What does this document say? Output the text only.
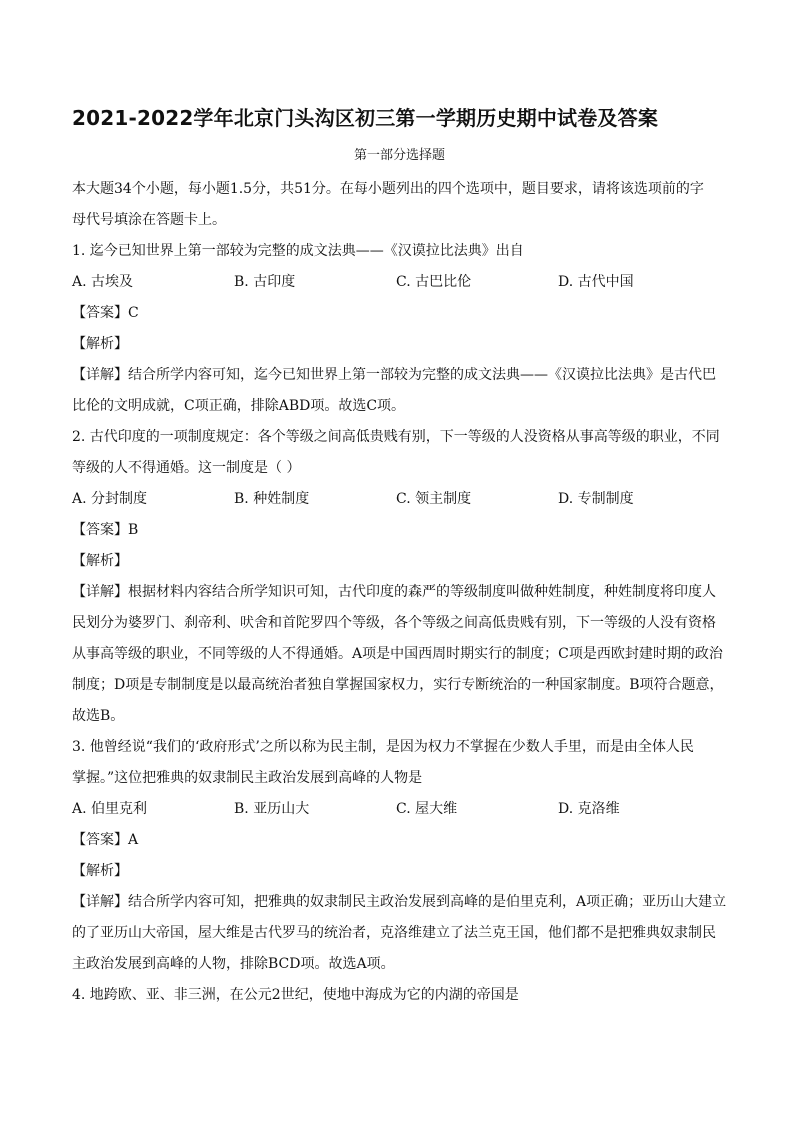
2021-2022学年北京门头沟区初三第一学期历史期中试卷及答案
第一部分选择题

本大题34个小题，每小题1.5分，共51分。在每小题列出的四个选项中，题目要求，请将该选项前的字
母代号填涂在答题卡上。

1. 迄今已知世界上第一部较为完整的成文法典——《汉谟拉比法典》出自

A. 古埃及	B. 古印度	C. 古巴比伦	D. 古代中国

【答案】C

【解析】

【详解】结合所学内容可知，迄今已知世界上第一部较为完整的成文法典——《汉谟拉比法典》是古代巴
比伦的文明成就，C项正确，排除ABD项。故选C项。

2. 古代印度的一项制度规定：各个等级之间高低贵贱有别，下一等级的人没资格从事高等级的职业，不同
等级的人不得通婚。这一制度是（ ）

A. 分封制度	B. 种姓制度	C. 领主制度	D. 专制制度

【答案】B

【解析】

【详解】根据材料内容结合所学知识可知，古代印度的森严的等级制度叫做种姓制度，种姓制度将印度人
民划分为婆罗门、刹帝利、吠舍和首陀罗四个等级，各个等级之间高低贵贱有别，下一等级的人没有资格
从事高等级的职业，不同等级的人不得通婚。A项是中国西周时期实行的制度；C项是西欧封建时期的政治
制度；D项是专制制度是以最高统治者独自掌握国家权力，实行专断统治的一种国家制度。B项符合题意，
故选B。

3. 他曾经说“我们的‘政府形式’之所以称为民主制，是因为权力不掌握在少数人手里，而是由全体人民
掌握。”这位把雅典的奴隶制民主政治发展到高峰的人物是

A. 伯里克利	B. 亚历山大	C. 屋大维	D. 克洛维

【答案】A

【解析】

【详解】结合所学内容可知，把雅典的奴隶制民主政治发展到高峰的是伯里克利，A项正确；亚历山大建立
的了亚历山大帝国，屋大维是古代罗马的统治者，克洛维建立了法兰克王国，他们都不是把雅典奴隶制民
主政治发展到高峰的人物，排除BCD项。故选A项。

4. 地跨欧、亚、非三洲，在公元2世纪，使地中海成为它的内湖的帝国是
